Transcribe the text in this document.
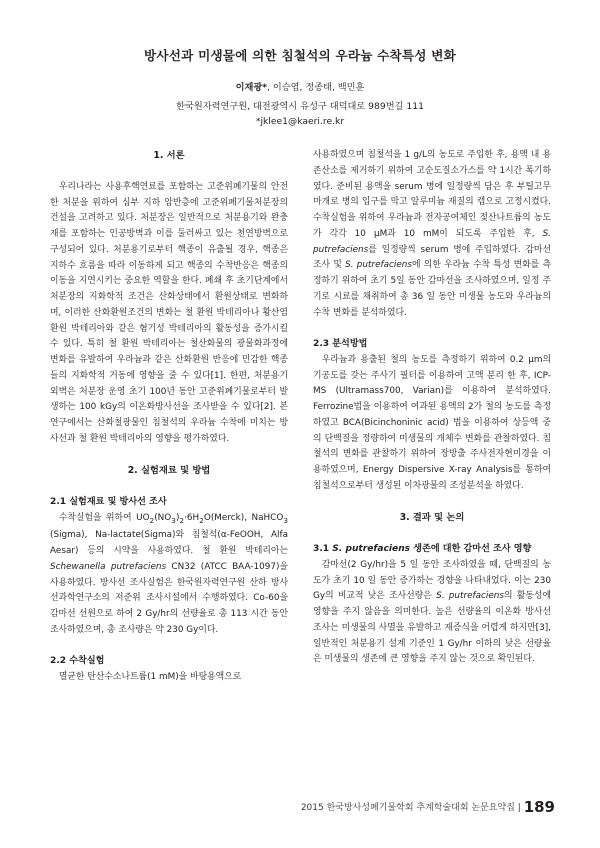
방사선과 미생물에 의한 침철석의 우라늄 수착특성 변화
이재광*, 이승엽, 정종태, 백민훈
한국원자력연구원, 대전광역시 유성구 대덕대로 989번길 111
*jklee1@kaeri.re.kr
1. 서론

우리나라는 사용후핵연료를 포함하는 고준위폐기물의 안전한 처분을 위하여 심부 지하 암반층에 고준위폐기물처분장의 건설을 고려하고 있다. 처분장은 일반적으로 처분용기와 완충재를 포함하는 인공방벽과 이를 둘러싸고 있는 천연방벽으로 구성되어 있다. 처분용기로부터 핵종이 유출될 경우, 핵종은 지하수 흐름을 따라 이동하게 되고 핵종의 수착반응은 핵종의 이동을 지연시키는 중요한 역할을 한다. 폐쇄 후 초기단계에서 처분장의 지화학적 조건은 산화상태에서 환원상태로 변화하며, 이러한 산화환원조건의 변화는 철 환원 박테리아나 황산염 환원 박테리아와 같은 혐기성 박테리아의 활동성을 증가시킬 수 있다. 특히 철 환원 박테리아는 철산화물의 광물화과정에 변화를 유발하여 우라늄과 같은 산화환원 반응에 민감한 핵종들의 지화학적 거동에 영향을 줄 수 있다[1]. 한편, 처분용기 외벽은 처분장 운영 초기 100년 동안 고준위폐기물로부터 발생하는 100 kGy의 이온화방사선을 조사받을 수 있다[2]. 본 연구에서는 산화철광물인 침철석의 우라늄 수착에 미치는 방사선과 철 환원 박테리아의 영향을 평가하였다.

2. 실험재료 및 방법
2.1 실험재료 및 방사선 조사

수착실험을 위하여 $UO_2(NO_3)_2\cdot 6H_2O(Merck)$, NaHCO$_3$ (Sigma), Na-lactate(Sigma)와 침철석(α-FeOOH, Alfa Aesar) 등의 시약을 사용하였다. 철 환원 박테리아는 Schewanella putrefaciens CN32 (ATCC BAA-1097)을 사용하였다. 방사선 조사실험은 한국원자력연구원 산하 방사선과학연구소의 저준위 조사시설에서 수행하였다. Co-60을 감마선 선원으로 하여 2 Gy/hr의 선량율로 총 113 시간 동안 조사하였으며, 총 조사량은 약 230 Gy이다.

2.2 수착실험

멸균한 탄산수소나트륨(1 mM)을 바탕용액으로

사용하였으며 침철석을 1 g/L의 농도로 주입한 후, 용액 내 용존산소를 제거하기 위하여 고순도질소가스를 약 1시간 폭기하였다. 준비된 용액을 serum 병에 일정량씩 담은 후 부틸고무마개로 병의 입구를 막고 알루미늄 재질의 캡으로 고정시켰다. 수착실험을 위하여 우라늄과 전자공여체인 젖산나트륨의 농도가 각각 10 μM과 10 mM이 되도록 주입한 후, S. putrefaciens를 일정량씩 serum 병에 주입하였다. 감마선 조사 및 S. putrefaciens에 의한 우라늄 수착 특성 변화를 측정하기 위하여 초기 5일 동안 감마선을 조사하였으며, 일정 주기로 시료를 채취하여 총 36 일 동안 미생물 농도와 우라늄의 수착 변화를 분석하였다.

2.3 분석방법

우라늄과 용출된 철의 농도를 측정하기 위하여 0.2 μm의 기공도를 갖는 주사기 필터를 이용하여 고액 분리 한 후, ICP-MS (Ultramass700, Varian)를 이용하여 분석하였다. Ferrozine법을 이용하여 여과된 용액의 2가 철의 농도를 측정하였고 BCA(Bicinchoninic acid) 법을 이용하여 상등액 중의 단백질을 정량하여 미생물의 개체수 변화를 관찰하였다. 침철석의 변화를 관찰하기 위하여 장방출 주사전자현미경을 이용하였으며, Energy Dispersive X-ray Analysis를 통하여 침철석으로부터 생성된 이차광물의 조성분석을 하였다.

3. 결과 및 논의
3.1 S. putrefaciens 생존에 대한 감마선 조사 영향

감마선(2 Gy/hr)을 5 일 동안 조사하였을 때, 단백질의 농도가 초기 10 일 동안 증가하는 경향을 나타내었다. 이는 230 Gy의 비교적 낮은 조사선량은 S. putrefaciens의 활동성에 영향을 주지 않음을 의미한다. 높은 선량율의 이온화 방사선 조사는 미생물의 사멸을 유발하고 재증식을 어렵게 하지만[3], 일반적인 처분용기 설계 기준인 1 Gy/hr 이하의 낮은 선량율은 미생물의 생존에 큰 영향을 주지 않는 것으로 확인된다.

2015 한국방사성폐기물학회 추계학술대회 논문요약집 | 189
